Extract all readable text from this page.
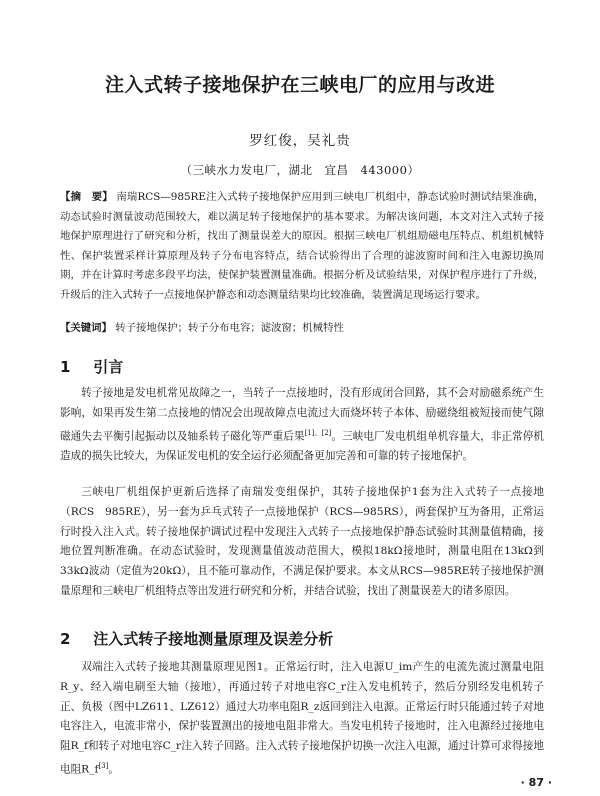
注入式转子接地保护在三峡电厂的应用与改进
罗红俊，吴礼贵
（三峡水力发电厂，湖北　宜昌　443000）
【摘　要】 南瑞RCS—985RE注入式转子接地保护应用到三峡电厂机组中，静态试验时测试结果准确，动态试验时测量波动范围较大，难以满足转子接地保护的基本要求。为解决该问题，本文对注入式转子接地保护原理进行了研究和分析，找出了测量误差大的原因。根据三峡电厂机组励磁电压特点、机组机械特性、保护装置采样计算原理及转子分布电容特点，结合试验得出了合理的滤波窗时间和注入电源切换周期，并在计算时考虑多段平均法，使保护装置测量准确。根据分析及试验结果，对保护程序进行了升级，升级后的注入式转子一点接地保护静态和动态测量结果均比较准确，装置满足现场运行要求。
【关键词】 转子接地保护；转子分布电容；滤波窗；机械特性
1 引言
转子接地是发电机常见故障之一，当转子一点接地时，没有形成闭合回路，其不会对励磁系统产生影响，如果再发生第二点接地的情况会出现故障点电流过大而烧坏转子本体、励磁绕组被短接而使气隙磁通失去平衡引起振动以及轴系转子磁化等严重后果[1]、[2]。三峡电厂发电机组单机容量大，非正常停机造成的损失比较大，为保证发电机的安全运行必须配备更加完善和可靠的转子接地保护。
三峡电厂机组保护更新后选择了南瑞发变组保护，其转子接地保护1套为注入式转子一点接地（RCS　985RE），另一套为乒乓式转子一点接地保护（RCS—985RS），两套保护互为备用，正常运行时投入注入式。转子接地保护调试过程中发现注入式转子一点接地保护静态试验时其测量值精确，接地位置判断准确。在动态试验时，发现测量值波动范围大，模拟18kΩ接地时，测量电阻在13kΩ到33kΩ波动（定值为20kΩ），且不能可靠动作，不满足保护要求。本文从RCS—985RE转子接地保护测量原理和三峡电厂机组特点等出发进行研究和分析，并结合试验，找出了测量误差大的诸多原因。
2 注入式转子接地测量原理及误差分析
双端注入式转子接地其测量原理见图1。正常运行时，注入电源U_im产生的电流先流过测量电阻R_y、经入端电刷至大轴（接地），再通过转子对地电容C_r注入发电机转子，然后分别经发电机转子正、负极（图中LZ611、LZ612）通过大功率电阻R_z返回到注入电源。正常运行时只能通过转子对地电容注入，电流非常小，保护装置测出的接地电阻非常大。当发电机转子接地时，注入电源经过接地电阻R_f和转子对地电容C_r注入转子回路。注入式转子接地保护切换一次注入电源，通过计算可求得接地电阻R_f[3]。
· 87 ·
